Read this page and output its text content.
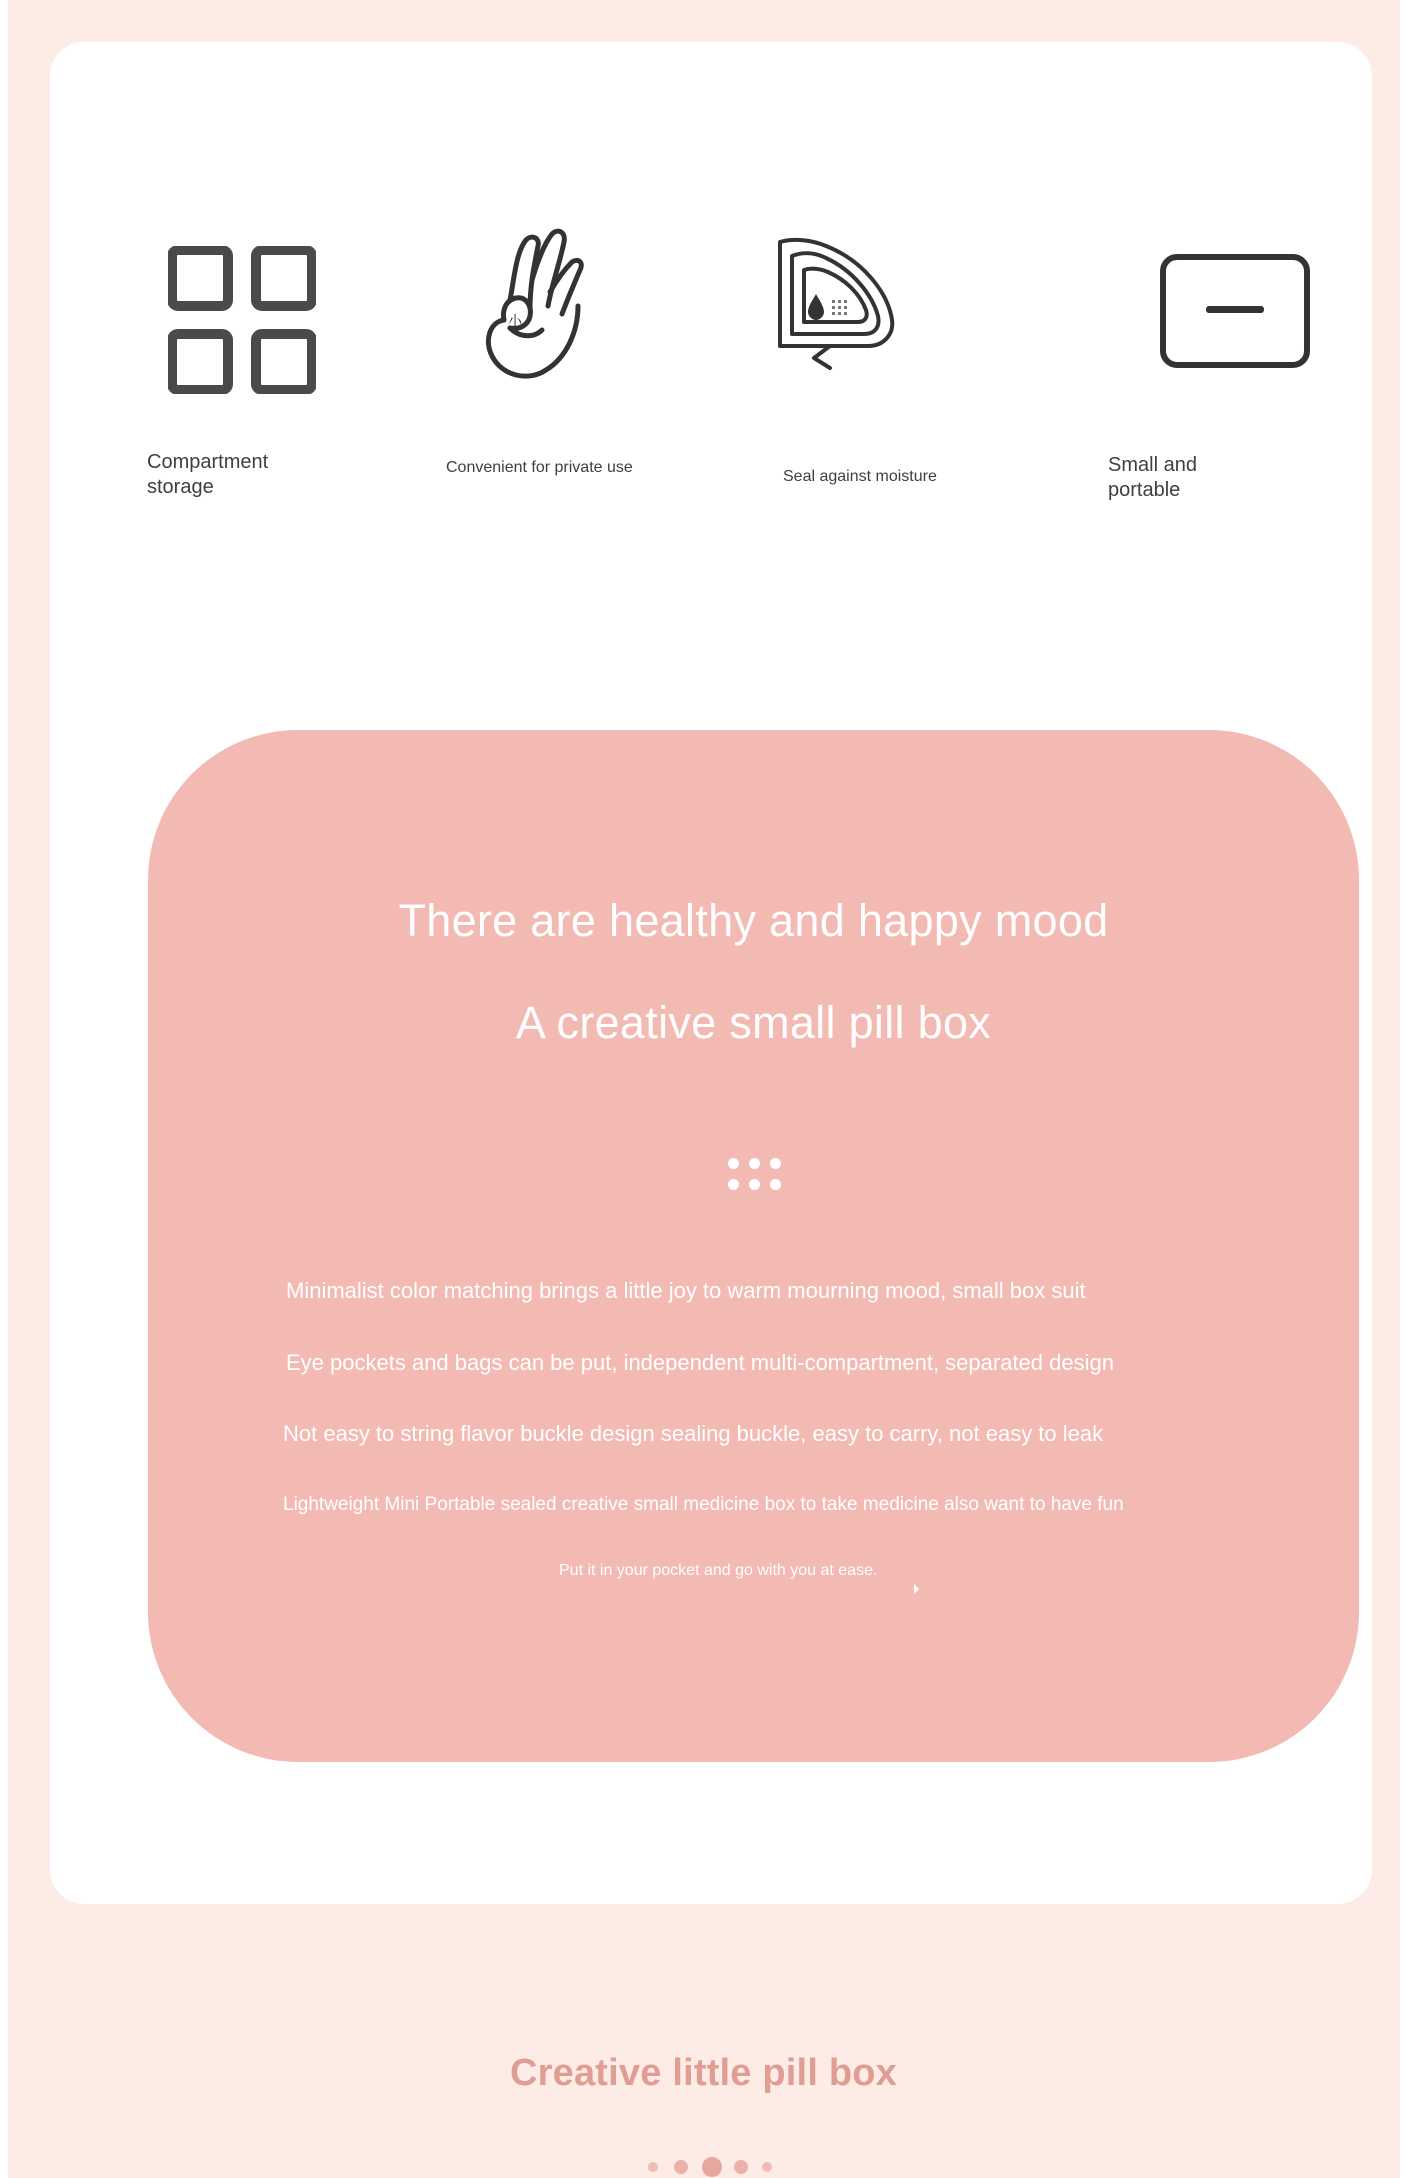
Compartment storage
小
Convenient for private use
Seal against moisture
Small and portable
There are healthy and happy mood
A creative small pill box
Minimalist color matching brings a little joy to warm mourning mood, small box suit
Eye pockets and bags can be put, independent multi-compartment, separated design
Not easy to string flavor buckle design sealing buckle, easy to carry, not easy to leak
Lightweight Mini Portable sealed creative small medicine box to take medicine also want to have fun
Put it in your pocket and go with you at ease.
Creative little pill box
